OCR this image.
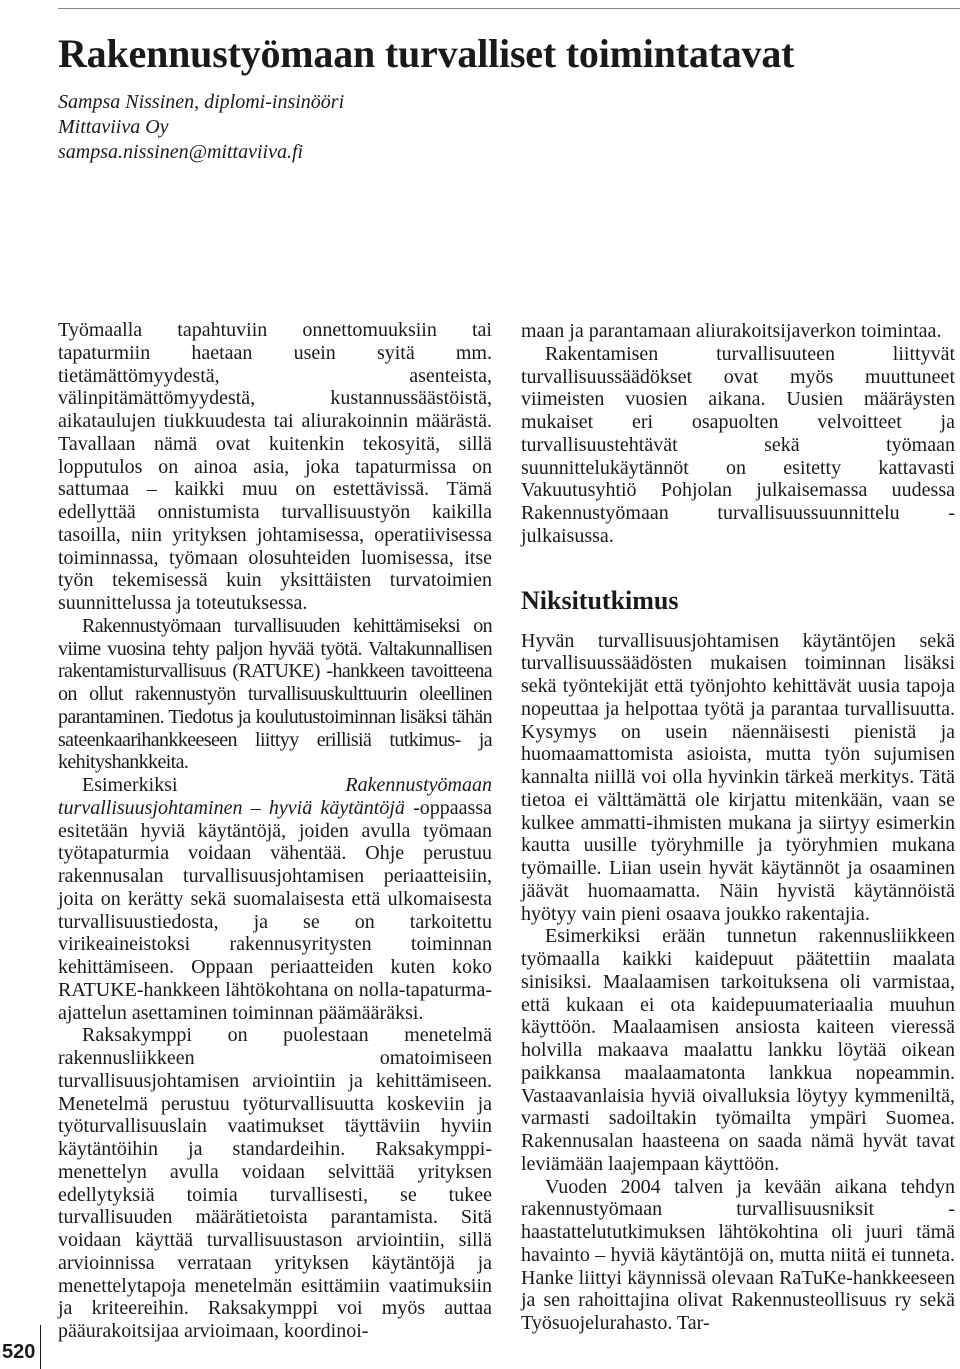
Rakennustyömaan turvalliset toimintatavat
Sampsa Nissinen, diplomi-insinööri
Mittaviiva Oy
sampsa.nissinen@mittaviiva.fi

Työmaalla tapahtuviin onnettomuuksiin tai tapaturmiin haetaan usein syitä mm. tietämättömyydestä, asenteista, välinpitämättömyydestä, kustannussäästöistä, aikataulujen tiukkuudesta tai aliurakoinnin määrästä. Tavallaan nämä ovat kuitenkin tekosyitä, sillä lopputulos on ainoa asia, joka tapaturmissa on sattumaa – kaikki muu on estettävissä. Tämä edellyttää onnistumista turvallisuustyön kaikilla tasoilla, niin yrityksen johtamisessa, operatiivisessa toiminnassa, työmaan olosuhteiden luomisessa, itse työn tekemisessä kuin yksittäisten turvatoimien suunnittelussa ja toteutuksessa.

Rakennustyömaan turvallisuuden kehittämiseksi on viime vuosina tehty paljon hyvää työtä. Valtakunnallisen rakentamisturvallisuus (RATUKE) -hankkeen tavoitteena on ollut rakennustyön turvallisuuskulttuurin oleellinen parantaminen. Tiedotus ja koulutustoiminnan lisäksi tähän sateenkaarihankkeeseen liittyy erillisiä tutkimus- ja kehityshankkeita.

Esimerkiksi Rakennustyömaan turvallisuusjohtaminen – hyviä käytäntöjä -oppaassa esitetään hyviä käytäntöjä, joiden avulla työmaan työtapaturmia voidaan vähentää. Ohje perustuu rakennusalan turvallisuusjohtamisen periaatteisiin, joita on kerätty sekä suomalaisesta että ulkomaisesta turvallisuustiedosta, ja se on tarkoitettu virikeaineistoksi rakennusyritysten toiminnan kehittämiseen. Oppaan periaatteiden kuten koko RATUKE-hankkeen lähtökohtana on nolla-tapaturma-ajattelun asettaminen toiminnan päämääräksi.

Raksakymppi on puolestaan menetelmä rakennusliikkeen omatoimiseen turvallisuusjohtamisen arviointiin ja kehittämiseen. Menetelmä perustuu työturvallisuutta koskeviin ja työturvallisuuslain vaatimukset täyttäviin hyviin käytäntöihin ja standardeihin. Raksakymppi-menettelyn avulla voidaan selvittää yrityksen edellytyksiä toimia turvallisesti, se tukee turvallisuuden määrätietoista parantamista. Sitä voidaan käyttää turvallisuustason arviointiin, sillä arvioinnissa verrataan yrityksen käytäntöjä ja menettelytapoja menetelmän esittämiin vaatimuksiin ja kriteereihin. Raksakymppi voi myös auttaa pääurakoitsijaa arvioimaan, koordinoi-

maan ja parantamaan aliurakoitsijaverkon toimintaa.

Rakentamisen turvallisuuteen liittyvät turvallisuussäädökset ovat myös muuttuneet viimeisten vuosien aikana. Uusien määräysten mukaiset eri osapuolten velvoitteet ja turvallisuustehtävät sekä työmaan suunnittelukäytännöt on esitetty kattavasti Vakuutusyhtiö Pohjolan julkaisemassa uudessa Rakennustyömaan turvallisuussuunnittelu -julkaisussa.

Niksitutkimus

Hyvän turvallisuusjohtamisen käytäntöjen sekä turvallisuussäädösten mukaisen toiminnan lisäksi sekä työntekijät että työnjohto kehittävät uusia tapoja nopeuttaa ja helpottaa työtä ja parantaa turvallisuutta. Kysymys on usein näennäisesti pienistä ja huomaamattomista asioista, mutta työn sujumisen kannalta niillä voi olla hyvinkin tärkeä merkitys. Tätä tietoa ei välttämättä ole kirjattu mitenkään, vaan se kulkee ammatti-ihmisten mukana ja siirtyy esimerkin kautta uusille työryhmille ja työryhmien mukana työmaille. Liian usein hyvät käytännöt ja osaaminen jäävät huomaamatta. Näin hyvistä käytännöistä hyötyy vain pieni osaava joukko rakentajia.

Esimerkiksi erään tunnetun rakennusliikkeen työmaalla kaikki kaidepuut päätettiin maalata sinisiksi. Maalaamisen tarkoituksena oli varmistaa, että kukaan ei ota kaidepuumateriaalia muuhun käyttöön. Maalaamisen ansiosta kaiteen vieressä holvilla makaava maalattu lankku löytää oikean paikkansa maalaamatonta lankkua nopeammin. Vastaavanlaisia hyviä oivalluksia löytyy kymmeniltä, varmasti sadoiltakin työmailta ympäri Suomea. Rakennusalan haasteena on saada nämä hyvät tavat leviämään laajempaan käyttöön.

Vuoden 2004 talven ja kevään aikana tehdyn rakennustyömaan turvallisuusniksit -haastattelututkimuksen lähtökohtina oli juuri tämä havainto – hyviä käytäntöjä on, mutta niitä ei tunneta. Hanke liittyi käynnissä olevaan RaTuKe-hankkeeseen ja sen rahoittajina olivat Rakennusteollisuus ry sekä Työsuojelurahasto. Tar-

520
